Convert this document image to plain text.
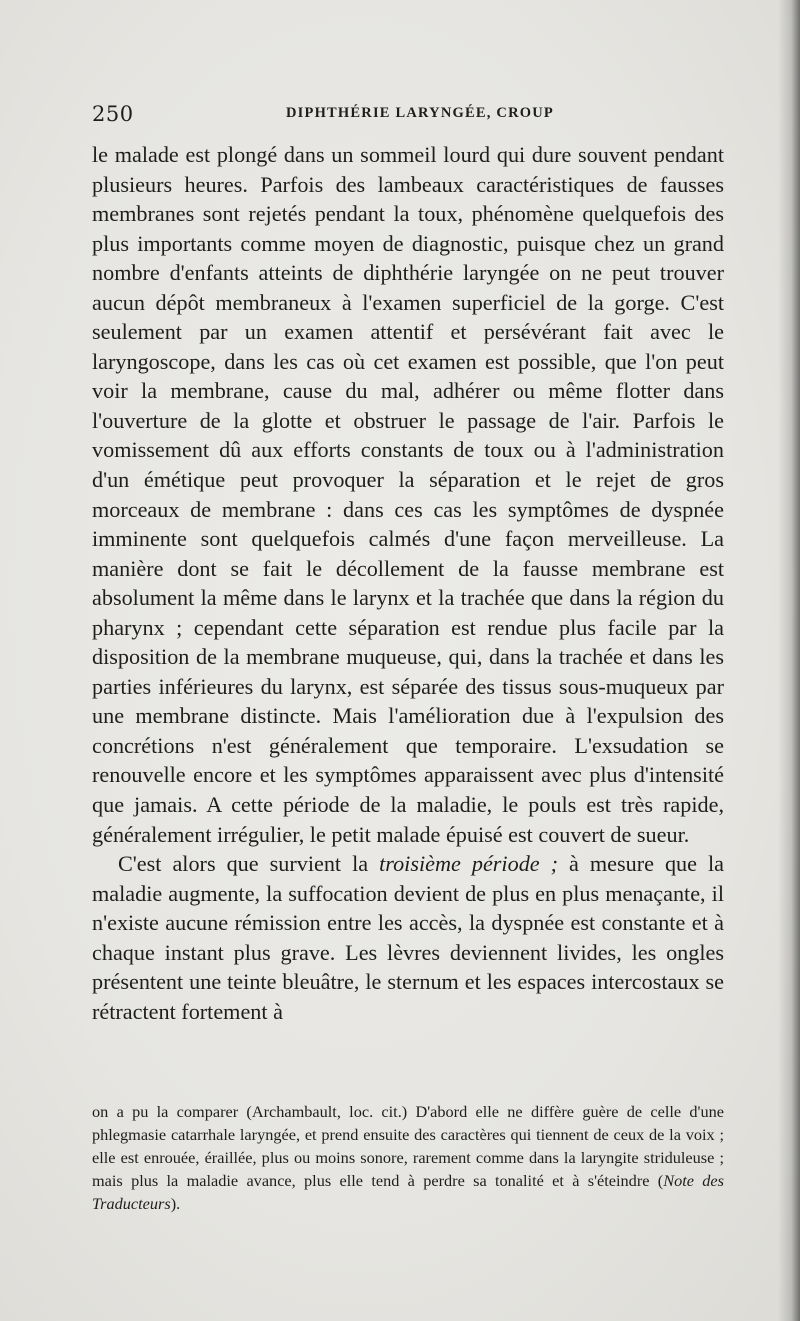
250	DIPHTHÉRIE LARYNGÉE, CROUP

le malade est plongé dans un sommeil lourd qui dure souvent pendant plusieurs heures. Parfois des lambeaux caractéristiques de fausses membranes sont rejetés pendant la toux, phénomène quelquefois des plus importants comme moyen de diagnostic, puisque chez un grand nombre d'enfants atteints de diphthérie laryngée on ne peut trouver aucun dépôt membraneux à l'examen superficiel de la gorge. C'est seulement par un examen attentif et persévérant fait avec le laryngoscope, dans les cas où cet examen est possible, que l'on peut voir la membrane, cause du mal, adhérer ou même flotter dans l'ouverture de la glotte et obstruer le passage de l'air. Parfois le vomissement dû aux efforts constants de toux ou à l'administration d'un émétique peut provoquer la séparation et le rejet de gros morceaux de membrane : dans ces cas les symptômes de dyspnée imminente sont quelquefois calmés d'une façon merveilleuse. La manière dont se fait le décollement de la fausse membrane est absolument la même dans le larynx et la trachée que dans la région du pharynx ; cependant cette séparation est rendue plus facile par la disposition de la membrane muqueuse, qui, dans la trachée et dans les parties inférieures du larynx, est séparée des tissus sous-muqueux par une membrane distincte. Mais l'amélioration due à l'expulsion des concrétions n'est généralement que temporaire. L'exsudation se renouvelle encore et les symptômes apparaissent avec plus d'intensité que jamais. A cette période de la maladie, le pouls est très rapide, généralement irrégulier, le petit malade épuisé est couvert de sueur.

C'est alors que survient la troisième période ; à mesure que la maladie augmente, la suffocation devient de plus en plus menaçante, il n'existe aucune rémission entre les accès, la dyspnée est constante et à chaque instant plus grave. Les lèvres deviennent livides, les ongles présentent une teinte bleuâtre, le sternum et les espaces intercostaux se rétractent fortement à

on a pu la comparer (Archambault, loc. cit.) D'abord elle ne diffère guère de celle d'une phlegmasie catarrhale laryngée, et prend ensuite des caractères qui tiennent de ceux de la voix ; elle est enrouée, éraillée, plus ou moins sonore, rarement comme dans la laryngite striduleuse ; mais plus la maladie avance, plus elle tend à perdre sa tonalité et à s'éteindre (Note des Traducteurs).
